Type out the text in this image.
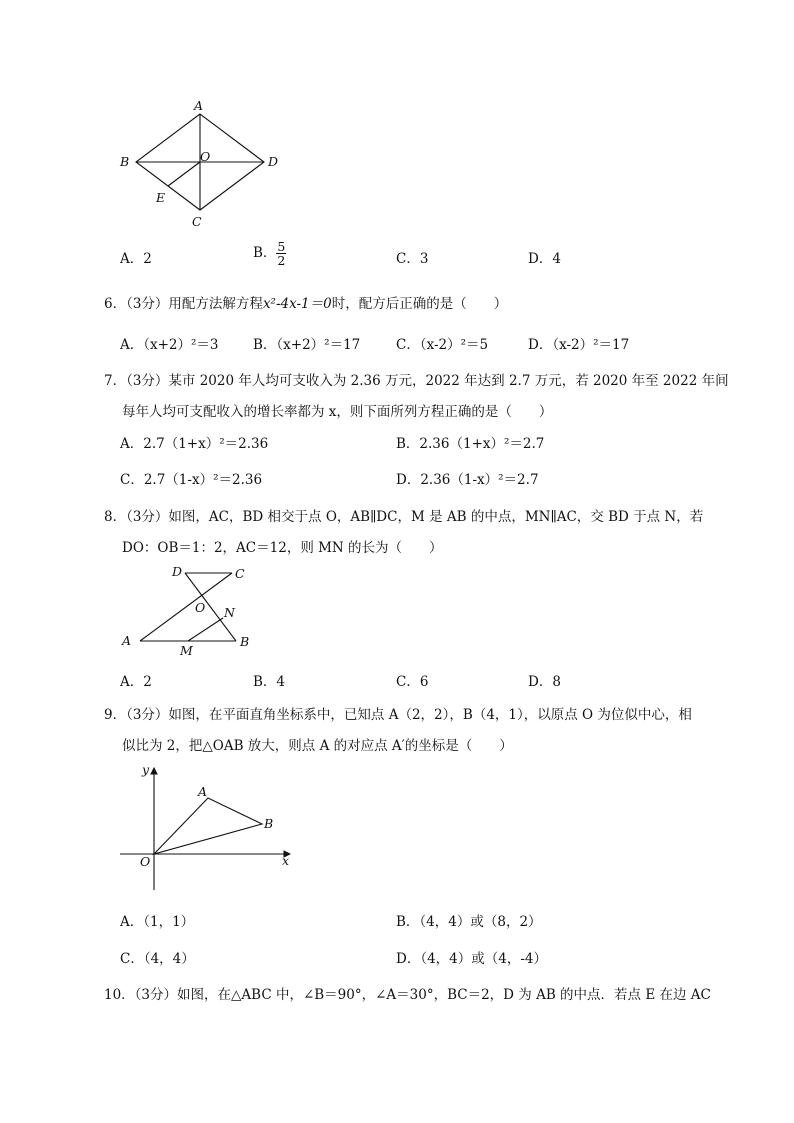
A
B	O	D
E
C
A．2	B． $\frac{5}{2}$	C．3	D．4
6．（3分）用配方法解方程x²-4x-1＝0时，配方后正确的是（　　）
A．（x+2）²＝3	B．（x+2）²＝17	C．（x-2）²＝5	D．（x-2）²＝17
7．（3分）某市 2020 年人均可支收入为 2.36 万元，2022 年达到 2.7 万元，若 2020 年至 2022 年间
每年人均可支配收入的增长率都为 x，则下面所列方程正确的是（　　）
A．2.7（1+x）²＝2.36	B．2.36（1+x）²＝2.7
C．2.7（1-x）²＝2.36	D．2.36（1-x）²＝2.7
8．（3分）如图，AC，BD 相交于点 O，AB∥DC，M 是 AB 的中点，MN∥AC，交 BD 于点 N，若
DO：OB＝1：2，AC＝12，则 MN 的长为（　　）
D	C
O N
A
M
B
A．2	B．4	C．6	D．8
9．（3分）如图，在平面直角坐标系中，已知点 A（2，2），B（4，1），以原点 O 为位似中心，相
似比为 2，把△OAB 放大，则点 A 的对应点 A′的坐标是（　　）
y
x
O
A
B
A．（1，1）	B．（4，4）或（8，2）
C．（4，4）	D．（4，4）或（4，-4）
10．（3分）如图，在△ABC 中，∠B＝90°，∠A＝30°，BC＝2，D 为 AB 的中点．若点 E 在边 AC
